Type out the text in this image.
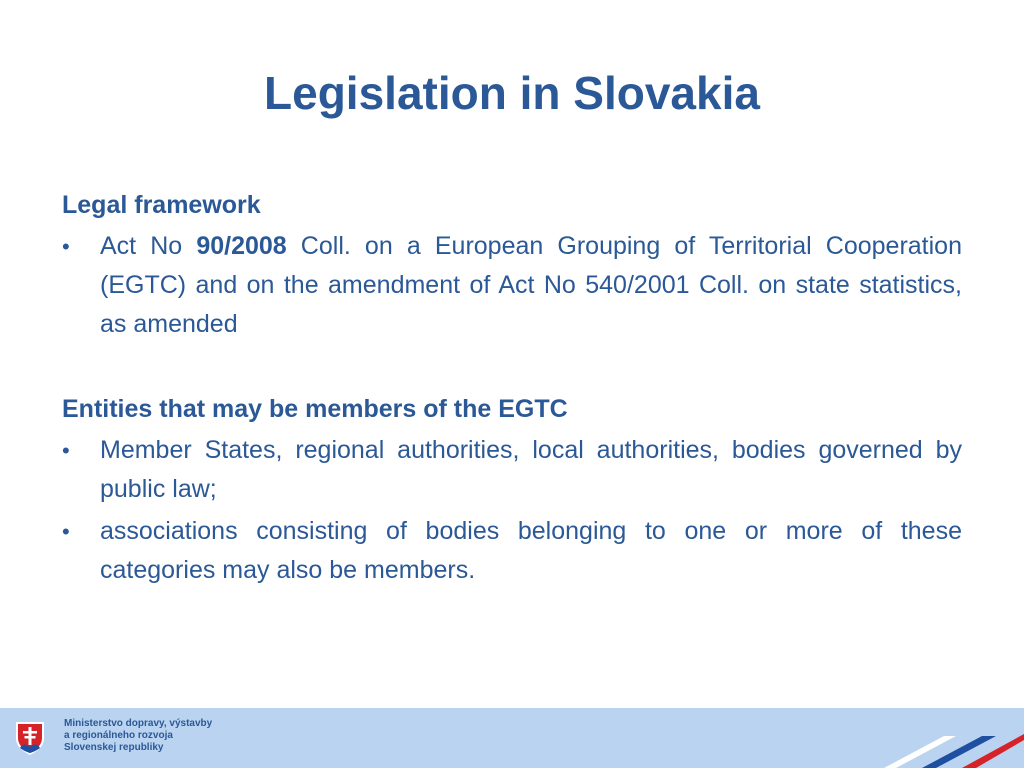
Legislation in Slovakia
Legal framework
• Act No 90/2008 Coll. on a European Grouping of Territorial Cooperation (EGTC) and on the amendment of Act No 540/2001 Coll. on state statistics, as amended
Entities that may be members of the EGTC
• Member States, regional authorities, local authorities, bodies governed by public law;
• associations consisting of bodies belonging to one or more of these categories may also be members.
Ministerstvo dopravy, výstavby
a regionálneho rozvoja
Slovenskej republiky
